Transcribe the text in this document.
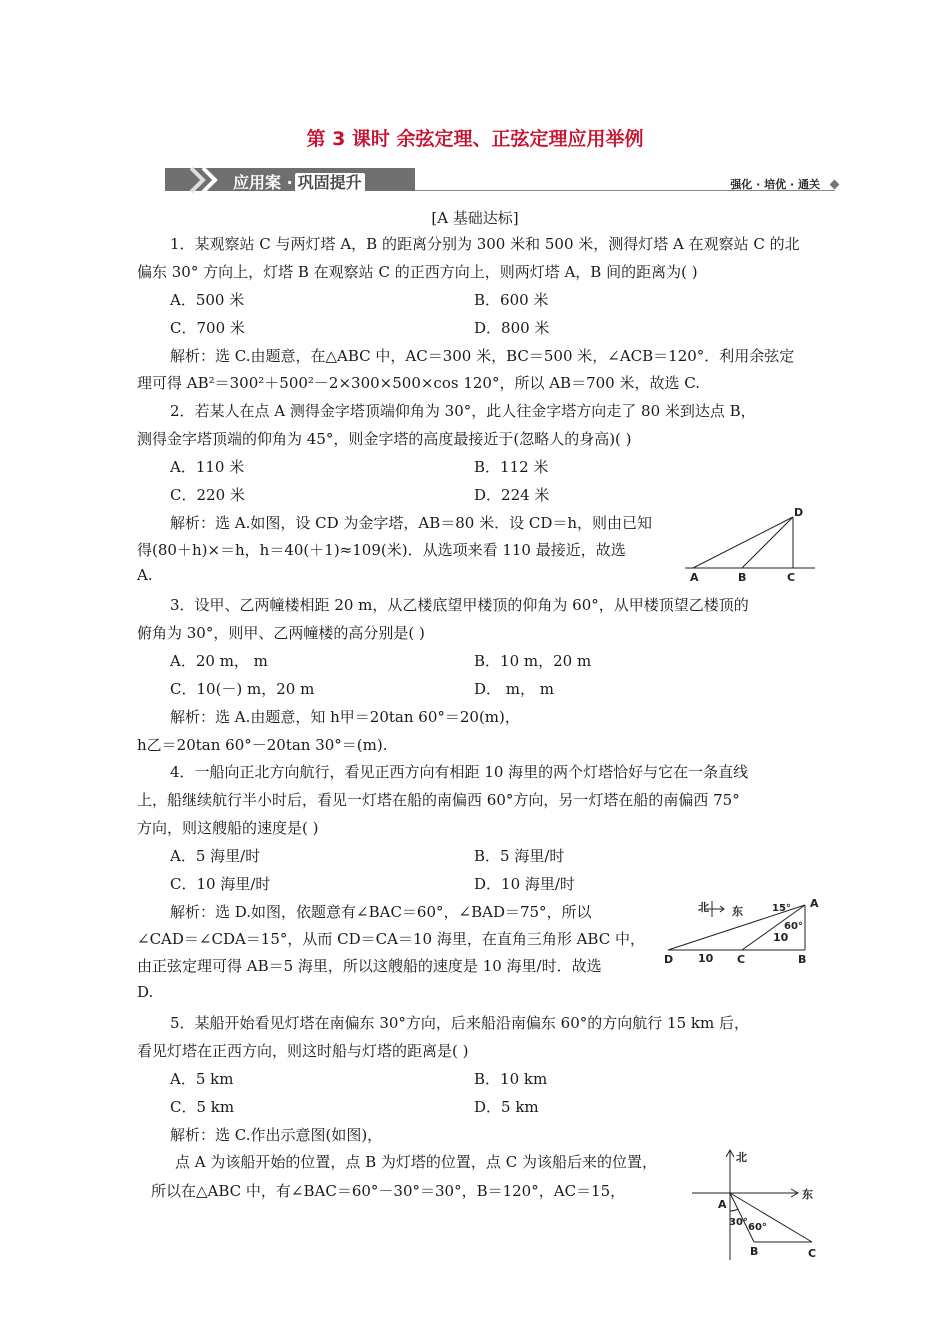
第 3 课时 余弦定理、正弦定理应用举例
应用案 · 巩固提升	强化 · 培优 · 通关
[A 基础达标]
1．某观察站 C 与两灯塔 A，B 的距离分别为 300 米和 500 米，测得灯塔 A 在观察站 C 的北
偏东 30° 方向上，灯塔 B 在观察站 C 的正西方向上，则两灯塔 A，B 间的距离为( )
A．500 米	B．600 米
C．700 米	D．800 米
解析：选 C.由题意，在△ABC 中，AC＝300 米，BC＝500 米，∠ACB＝120°．利用余弦定
理可得 AB²＝300²＋500²－2×300×500×cos 120°，所以 AB＝700 米，故选 C.
2．若某人在点 A 测得金字塔顶端仰角为 30°，此人往金字塔方向走了 80 米到达点 B，
测得金字塔顶端的仰角为 45°，则金字塔的高度最接近于(忽略人的身高)( )
A．110 米	B．112 米
C．220 米	D．224 米
解析：选 A.如图，设 CD 为金字塔，AB＝80 米．设 CD＝h，则由已知
得(80＋h)×＝h，h＝40(＋1)≈109(米)．从选项来看 110 最接近，故选
A.
D
A	B	C
3．设甲、乙两幢楼相距 20 m，从乙楼底望甲楼顶的仰角为 60°，从甲楼顶望乙楼顶的
俯角为 30°，则甲、乙两幢楼的高分别是( )
A．20 m， m	B．10 m，20 m
C．10(－) m，20 m	D． m， m
解析：选 A.由题意，知 h甲＝20tan 60°＝20(m)，
h乙＝20tan 60°－20tan 30°＝(m).
4．一船向正北方向航行，看见正西方向有相距 10 海里的两个灯塔恰好与它在一条直线
上，船继续航行半小时后，看见一灯塔在船的南偏西 60°方向，另一灯塔在船的南偏西 75°
方向，则这艘船的速度是( )
A．5 海里/时	B．5 海里/时
C．10 海里/时	D．10 海里/时
解析：选 D.如图，依题意有∠BAC＝60°，∠BAD＝75°，所以
∠CAD＝∠CDA＝15°，从而 CD＝CA＝10 海里，在直角三角形 ABC 中，
由正弦定理可得 AB＝5 海里，所以这艘船的速度是 10 海里/时．故选
D.
北 东	15°
60°
10
A
B
C
D 10
5．某船开始看见灯塔在南偏东 30°方向，后来船沿南偏东 60°的方向航行 15 km 后，
看见灯塔在正西方向，则这时船与灯塔的距离是( )
A．5 km	B．10 km
C．5 km	D．5 km
解析：选 C.作出示意图(如图)，
点 A 为该船开始的位置，点 B 为灯塔的位置，点 C 为该船后来的位置，
所以在△ABC 中，有∠BAC＝60°－30°＝30°，B＝120°，AC＝15，
北
东
30° 60°
A
B	C
